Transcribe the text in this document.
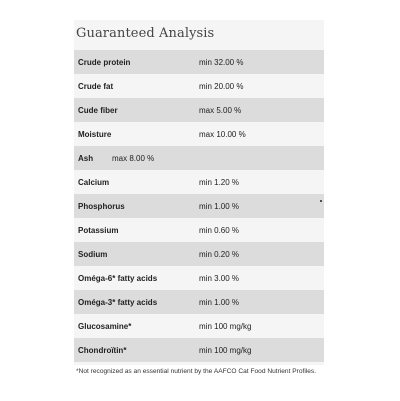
Guaranteed Analysis
Crude protein	min 32.00 %
Crude fat	min 20.00 %
Cude fiber	max 5.00 %
Moisture	max 10.00 %
Ash max 8.00 %
Calcium	min 1.20 %
Phosphorus	min 1.00 %
Potassium	min 0.60 %
Sodium	min 0.20 %
Oméga-6* fatty acids	min 3.00 %
Oméga-3* fatty acids	min 1.00 %
Glucosamine*	min 100 mg/kg
Chondroïtin*	min 100 mg/kg
*Not recognized as an essential nutrient by the AAFCO Cat Food Nutrient Profiles.
